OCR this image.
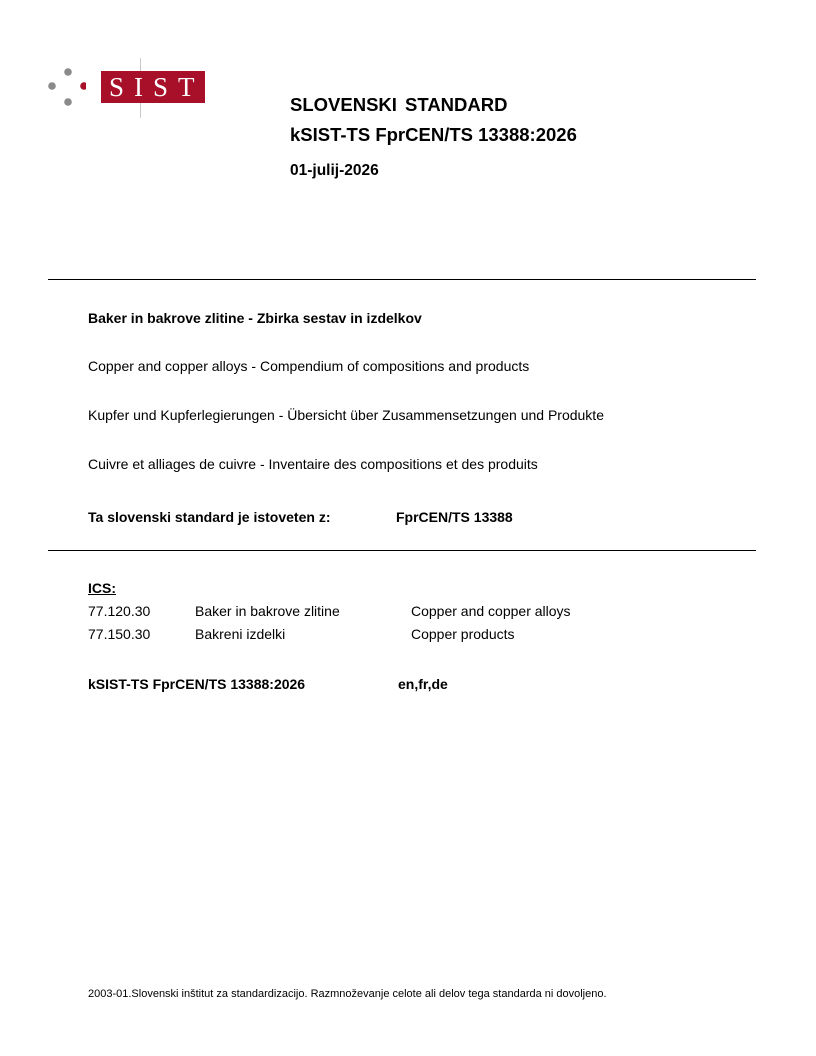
SIST
SLOVENSKI STANDARD
kSIST-TS FprCEN/TS 13388:2026
01-julij-2026
Baker in bakrove zlitine - Zbirka sestav in izdelkov
Copper and copper alloys - Compendium of compositions and products
Kupfer und Kupferlegierungen - Übersicht über Zusammensetzungen und Produkte
Cuivre et alliages de cuivre - Inventaire des compositions et des produits
Ta slovenski standard je istoveten z:	FprCEN/TS 13388
ICS:
77.120.30	Baker in bakrove zlitine	Copper and copper alloys
77.150.30	Bakreni izdelki	Copper products
kSIST-TS FprCEN/TS 13388:2026	en,fr,de
2003-01.Slovenski inštitut za standardizacijo. Razmnoževanje celote ali delov tega standarda ni dovoljeno.
